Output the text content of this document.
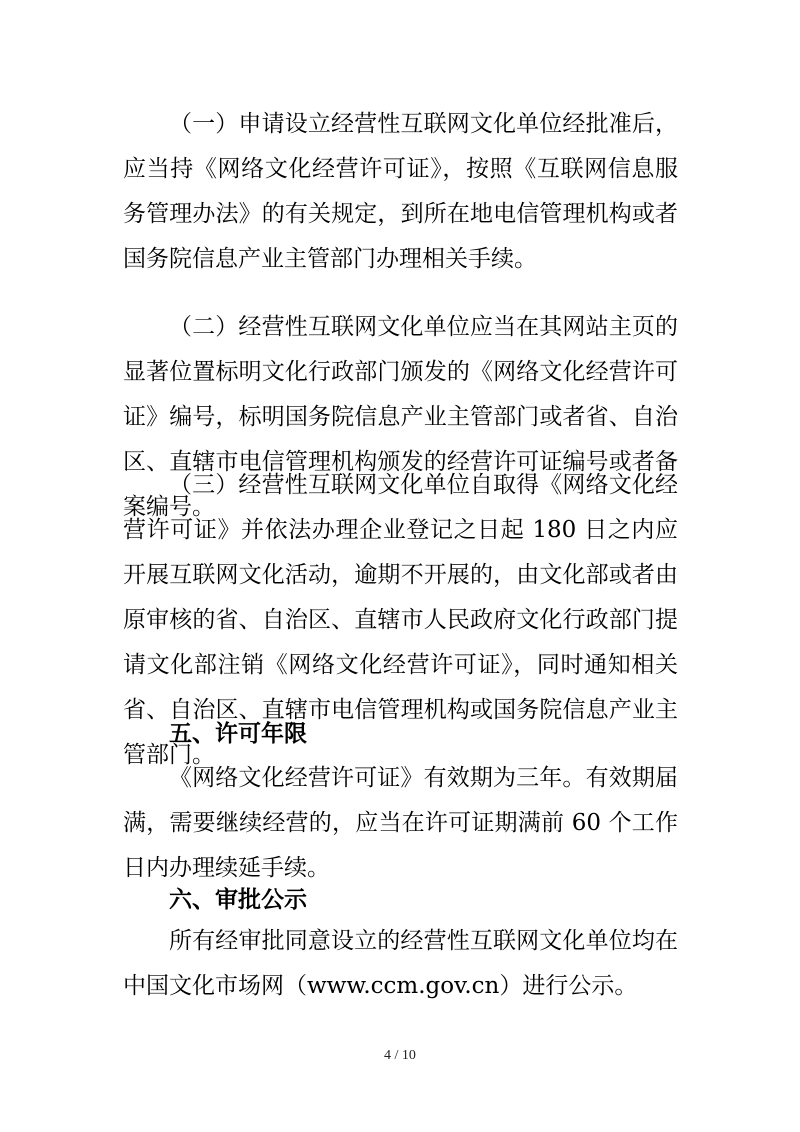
（一）申请设立经营性互联网文化单位经批准后，应当持《网络文化经营许可证》，按照《互联网信息服务管理办法》的有关规定，到所在地电信管理机构或者国务院信息产业主管部门办理相关手续。

（二）经营性互联网文化单位应当在其网站主页的显著位置标明文化行政部门颁发的《网络文化经营许可证》编号，标明国务院信息产业主管部门或者省、自治区、直辖市电信管理机构颁发的经营许可证编号或者备案编号。

（三）经营性互联网文化单位自取得《网络文化经营许可证》并依法办理企业登记之日起 180 日之内应开展互联网文化活动，逾期不开展的，由文化部或者由原审核的省、自治区、直辖市人民政府文化行政部门提请文化部注销《网络文化经营许可证》，同时通知相关省、自治区、直辖市电信管理机构或国务院信息产业主管部门。

五、许可年限

《网络文化经营许可证》有效期为三年。有效期届满，需要继续经营的，应当在许可证期满前 60 个工作日内办理续延手续。

六、审批公示

所有经审批同意设立的经营性互联网文化单位均在中国文化市场网（www.ccm.gov.cn）进行公示。

4 / 10
